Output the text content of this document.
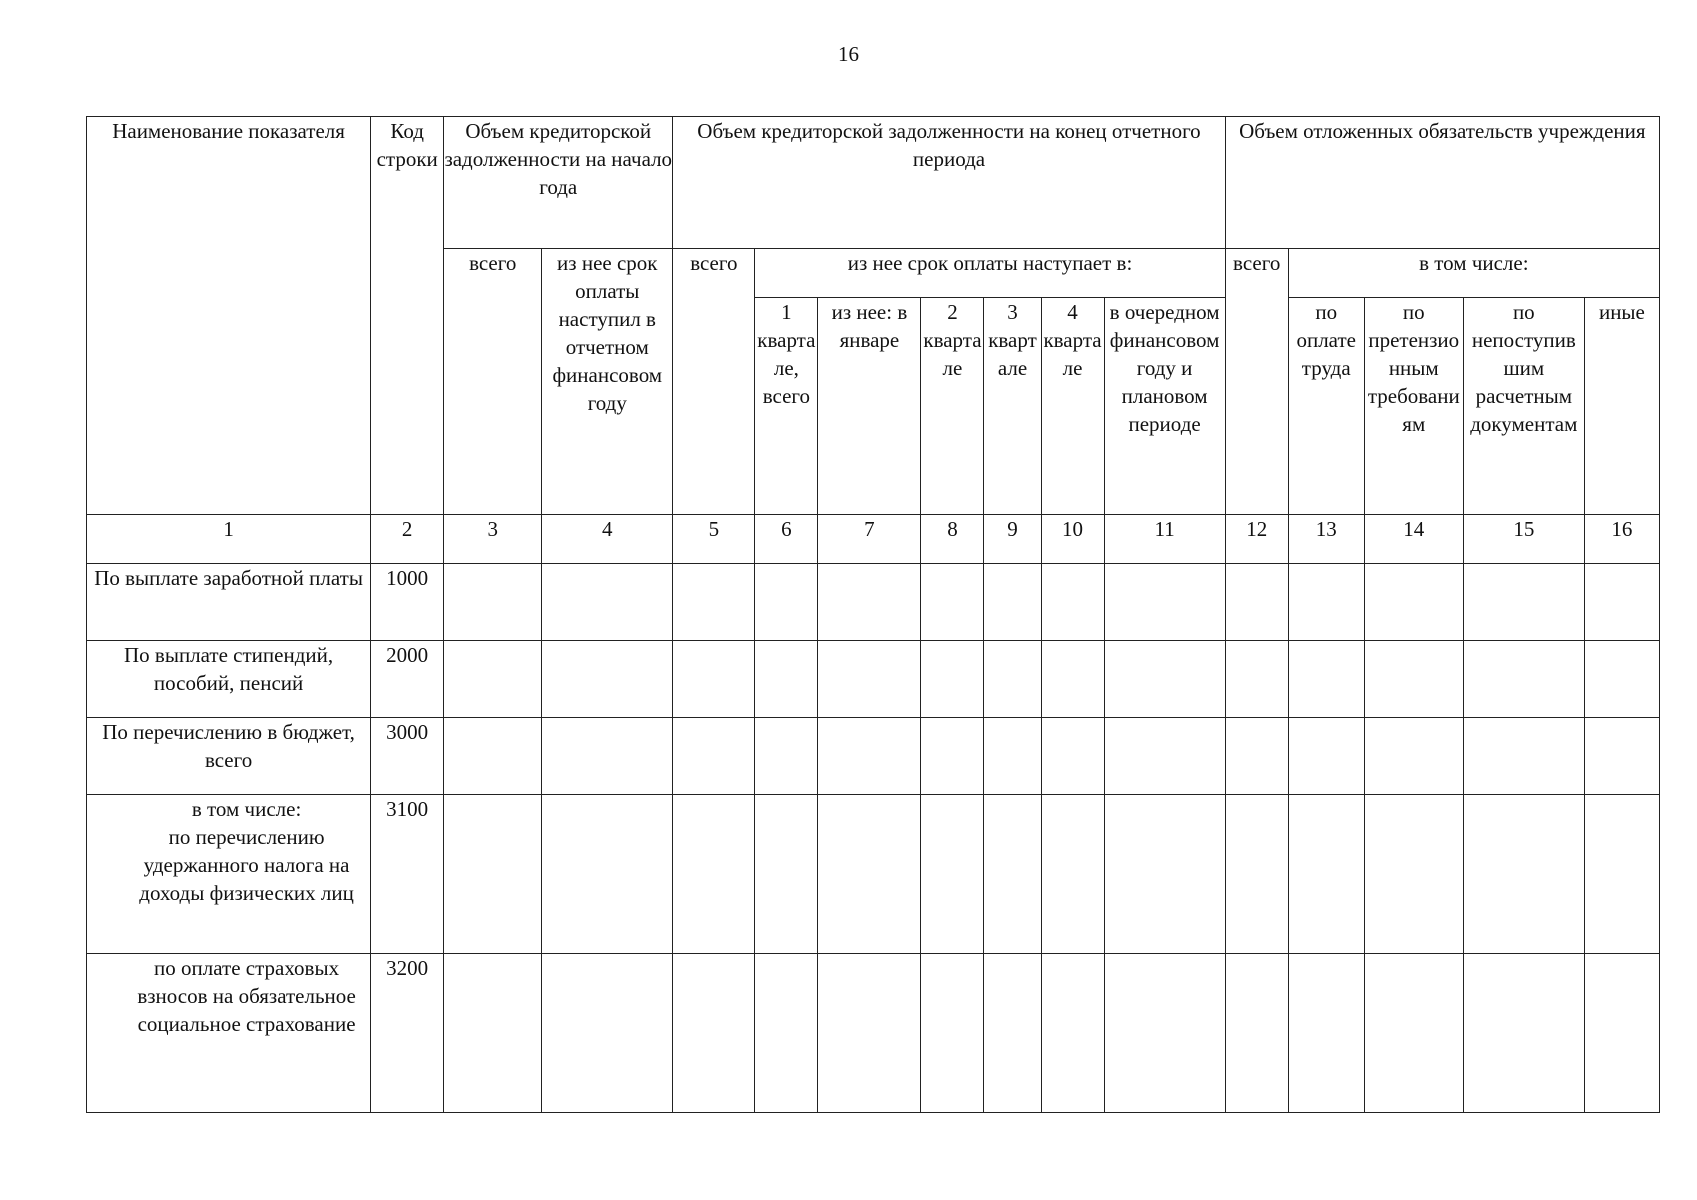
16
Наименование показателя	Код строки	Объем кредиторской задолженности на начало года		Объем кредиторской задолженности на конец отчетного периода							Объем отложенных обязательств учреждения				
		всего	из нее срок оплаты наступил в отчетном финансовом году	всего	из нее срок оплаты наступает в:						всего	в том числе:			
					1 квартале, всего	из нее: в январе	2 квартале	3 квартале	4 квартале	в очередном финансовом году и плановом периоде		по оплате труда	по претензионным требованиям	по непоступившим расчетным документам	иные
1	2	3	4	5	6	7	8	9	10	11	12	13	14	15	16
По выплате заработной платы	1000														
По выплате стипендий, пособий, пенсий	2000														
По перечислению в бюджет, всего	3000														
в том числе:
по перечислению удержанного налога на доходы физических лиц	3100														
по оплате страховых взносов на обязательное социальное страхование	3200														
